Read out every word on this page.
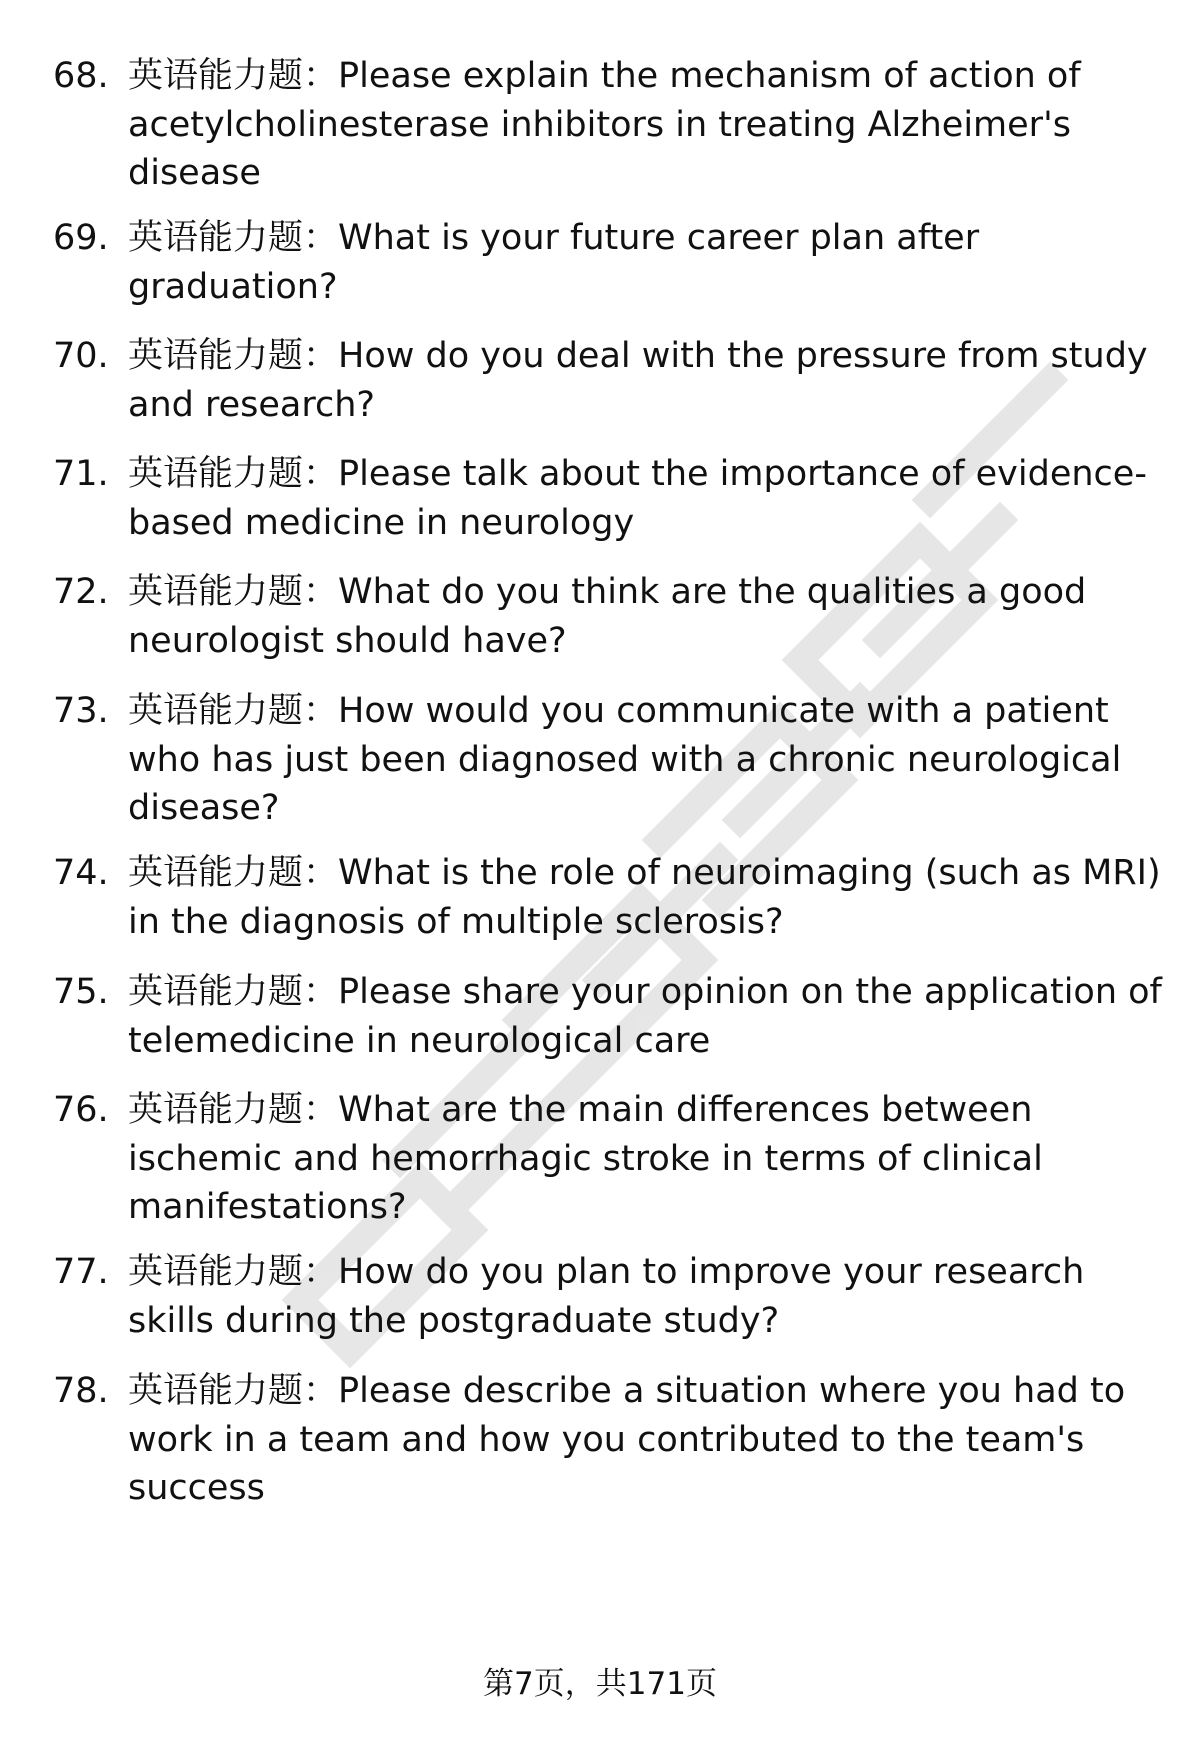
68. 英语能力题：Please explain the mechanism of action of acetylcholinesterase inhibitors in treating Alzheimer's disease
69. 英语能力题：What is your future career plan after graduation?
70. 英语能力题：How do you deal with the pressure from study and research?
71. 英语能力题：Please talk about the importance of evidence-based medicine in neurology
72. 英语能力题：What do you think are the qualities a good neurologist should have?
73. 英语能力题：How would you communicate with a patient who has just been diagnosed with a chronic neurological disease?
74. 英语能力题：What is the role of neuroimaging (such as MRI) in the diagnosis of multiple sclerosis?
75. 英语能力题：Please share your opinion on the application of telemedicine in neurological care
76. 英语能力题：What are the main differences between ischemic and hemorrhagic stroke in terms of clinical manifestations?
77. 英语能力题：How do you plan to improve your research skills during the postgraduate study?
78. 英语能力题：Please describe a situation where you had to work in a team and how you contributed to the team's success
第7页，共171页
